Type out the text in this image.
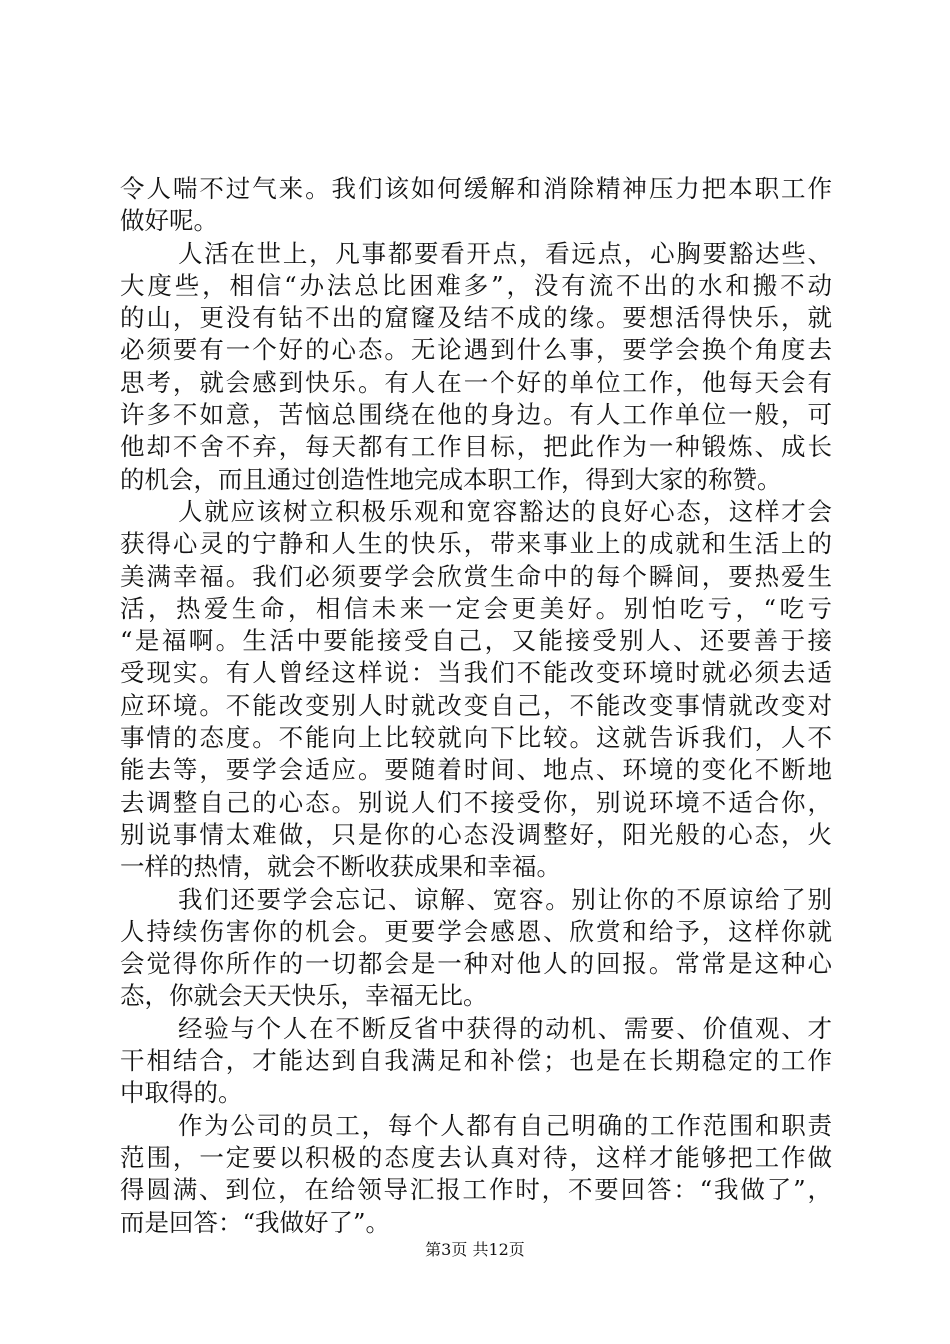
令人喘不过气来。我们该如何缓解和消除精神压力把本职工作
做好呢。
人活在世上，凡事都要看开点，看远点，心胸要豁达些、
大度些，相信“办法总比困难多”，没有流不出的水和搬不动
的山，更没有钻不出的窟窿及结不成的缘。要想活得快乐，就
必须要有一个好的心态。无论遇到什么事，要学会换个角度去
思考，就会感到快乐。有人在一个好的单位工作，他每天会有
许多不如意，苦恼总围绕在他的身边。有人工作单位一般，可
他却不舍不弃，每天都有工作目标，把此作为一种锻炼、成长
的机会，而且通过创造性地完成本职工作，得到大家的称赞。
人就应该树立积极乐观和宽容豁达的良好心态，这样才会
获得心灵的宁静和人生的快乐，带来事业上的成就和生活上的
美满幸福。我们必须要学会欣赏生命中的每个瞬间，要热爱生
活，热爱生命，相信未来一定会更美好。别怕吃亏，“吃亏
“是福啊。生活中要能接受自己，又能接受别人、还要善于接
受现实。有人曾经这样说：当我们不能改变环境时就必须去适
应环境。不能改变别人时就改变自己，不能改变事情就改变对
事情的态度。不能向上比较就向下比较。这就告诉我们，人不
能去等，要学会适应。要随着时间、地点、环境的变化不断地
去调整自己的心态。别说人们不接受你，别说环境不适合你，
别说事情太难做，只是你的心态没调整好，阳光般的心态，火
一样的热情，就会不断收获成果和幸福。
我们还要学会忘记、谅解、宽容。别让你的不原谅给了别
人持续伤害你的机会。更要学会感恩、欣赏和给予，这样你就
会觉得你所作的一切都会是一种对他人的回报。常常是这种心
态，你就会天天快乐，幸福无比。
经验与个人在不断反省中获得的动机、需要、价值观、才
干相结合，才能达到自我满足和补偿；也是在长期稳定的工作
中取得的。
作为公司的员工，每个人都有自己明确的工作范围和职责
范围，一定要以积极的态度去认真对待，这样才能够把工作做
得圆满、到位，在给领导汇报工作时，不要回答：“我做了”，
而是回答：“我做好了”。
第3页 共12页
